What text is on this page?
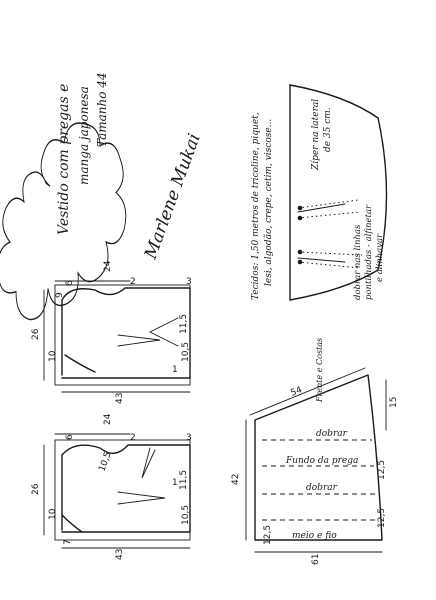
Vestido com pregas e manga japonesa Tamanho 44
Marlene Mukai	Tecidos: 1,50 metros de tricoline, piquet, lesi, algodão, crepe, cetim, viscose...	Zíper na lateral de 35 cm.
dobrar nas linhas pontilhadas - alfinetar e alinhavar
24
26
43
6
9
10
11,5
10,5
2	3
1
24
26
43
6
10
7
11,5
10,5
10,5
2	3
1
54
15
42
61
12,5
12,5
12,5
Frente e Costas
dobrar
Fundo da prega
dobrar
meio e fio
